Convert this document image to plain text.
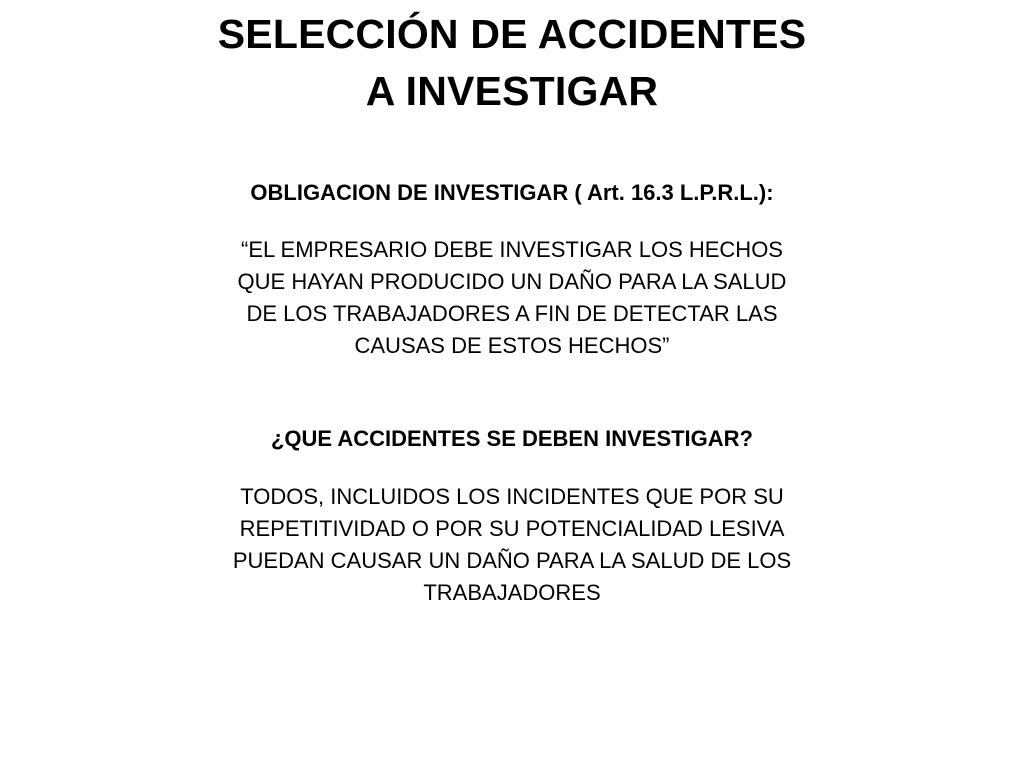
SELECCIÓN DE ACCIDENTES
A INVESTIGAR

OBLIGACION DE INVESTIGAR ( Art. 16.3 L.P.R.L.):

“EL EMPRESARIO DEBE INVESTIGAR LOS HECHOS

QUE HAYAN PRODUCIDO UN DAÑO PARA LA SALUD

DE LOS TRABAJADORES A FIN DE DETECTAR LAS

CAUSAS DE ESTOS HECHOS”

¿QUE ACCIDENTES SE DEBEN INVESTIGAR?

TODOS, INCLUIDOS LOS INCIDENTES QUE POR SU

REPETITIVIDAD O POR SU POTENCIALIDAD LESIVA

PUEDAN CAUSAR UN DAÑO PARA LA SALUD DE LOS

TRABAJADORES
